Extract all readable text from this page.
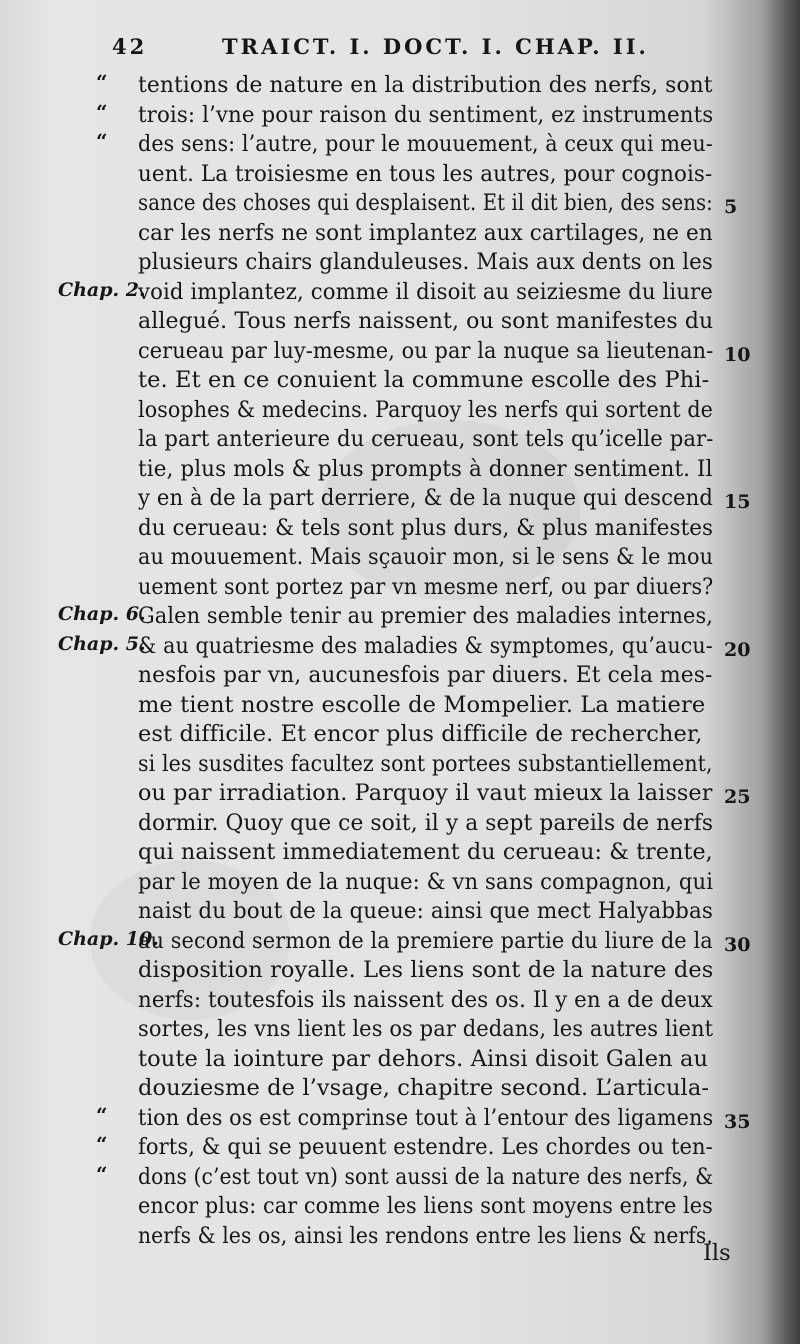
42	TRAICT. I. DOCT. I. CHAP. II.
“ tentions de nature en la distribution des nerfs, sont
“ trois: l’vne pour raison du sentiment, ez instruments
“ des sens: l’autre, pour le mouuement, à ceux qui meu-
uent. La troisiesme en tous les autres, pour cognois-
sance des choses qui desplaisent. Et il dit bien, des sens: 5
car les nerfs ne sont implantez aux cartilages, ne en
plusieurs chairs glanduleuses. Mais aux dents on les
Chap. 2.
void implantez, comme il disoit au seiziesme du liure
allegué. Tous nerfs naissent, ou sont manifestes du
cerueau par luy-mesme, ou par la nuque sa lieutenan- 10
te. Et en ce conuient la commune escolle des Phi-
losophes & medecins. Parquoy les nerfs qui sortent de
la part anterieure du cerueau, sont tels qu’icelle par-
tie, plus mols & plus prompts à donner sentiment. Il
y en à de la part derriere, & de la nuque qui descend 15
du cerueau: & tels sont plus durs, & plus manifestes
au mouuement. Mais sçauoir mon, si le sens & le mou
uement sont portez par vn mesme nerf, ou par diuers?
Chap. 6.
Galen semble tenir au premier des maladies internes,
Chap. 5.
& au quatriesme des maladies & symptomes, qu’aucu- 20
nesfois par vn, aucunesfois par diuers. Et cela mes-
me tient nostre escolle de Mompelier. La matiere
est difficile. Et encor plus difficile de rechercher,
si les susdites facultez sont portees substantiellement,
ou par irradiation. Parquoy il vaut mieux la laisser 25
dormir. Quoy que ce soit, il y a sept pareils de nerfs
qui naissent immediatement du cerueau: & trente,
par le moyen de la nuque: & vn sans compagnon, qui
naist du bout de la queue: ainsi que mect Halyabbas
Chap. 10.
au second sermon de la premiere partie du liure de la 30
disposition royalle. Les liens sont de la nature des
nerfs: toutesfois ils naissent des os. Il y en a de deux
sortes, les vns lient les os par dedans, les autres lient
toute la iointure par dehors. Ainsi disoit Galen au
douziesme de l’vsage, chapitre second. L’articula-
“ tion des os est comprinse tout à l’entour des ligamens 35
“ forts, & qui se peuuent estendre. Les chordes ou ten-
“ dons (c’est tout vn) sont aussi de la nature des nerfs, &
encor plus: car comme les liens sont moyens entre les
nerfs & les os, ainsi les rendons entre les liens & nerfs.
Ils
